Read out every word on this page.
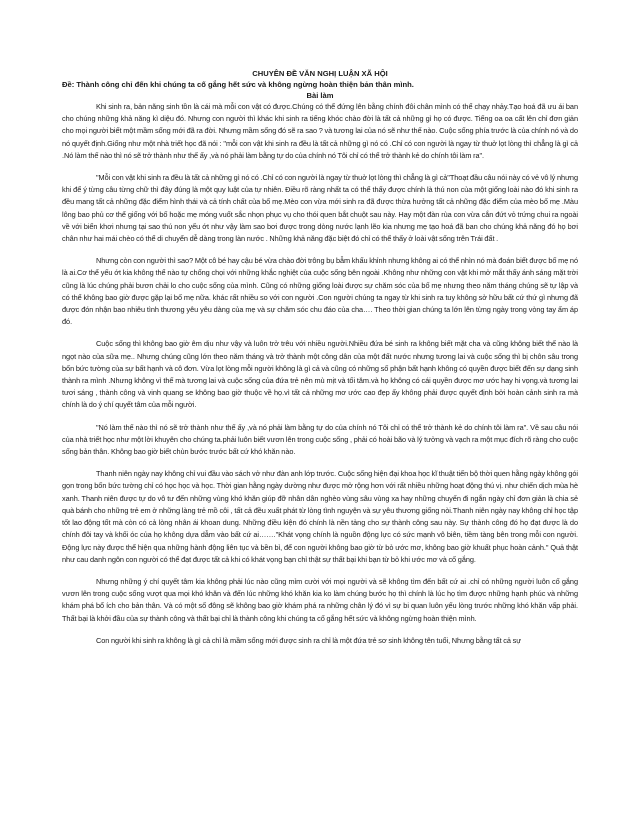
CHUYÊN ĐỀ VĂN NGHỊ LUẬN XÃ HỘI

Đề: Thành công chỉ đến khi chúng ta cố gắng hết sức và không ngừng hoàn thiện bản thân mình.

Bài làm

Khi sinh ra, bản năng sinh tồn là cái mà mỗi con vật có được.Chúng có thể đứng lên bằng chính đôi chân mình có thể chạy nhảy.Tạo hoá đã ưu ái ban cho chúng những khả năng kì diệu đó. Nhưng con người thì khác khi sinh ra tiếng khóc chào đời là tất cả những gì họ có được. Tiếng oa oa cất lên chỉ đơn giản cho mọi người biết một mầm sống mới đã ra đời. Nhưng mầm sống đó sẽ ra sao ? và tương lai của nó sẽ như thế nào. Cuộc sống phía trước là của chính nó và do nó quyết định.Giống như một nhà triết học đã nói : "mỗi con vật khi sinh ra đều là tất cả những gì nó có .Chỉ có con người là ngay từ thuở lọt lòng thì chẳng là gì cả .Nó làm thế nào thì nó sẽ trở thành như thế ấy ,và nó phải làm bằng tự do của chính nó Tôi chỉ có thể trở thành kẻ do chính tôi làm ra".

"Mỗi con vật khi sinh ra đều là tất cả những gì nó có .Chỉ có con người là ngay từ thuở lọt lòng thì chẳng là gì cả"Thoạt đầu câu nói này có vẻ vô lý nhưng khi để ý từng câu từng chữ thì đây đúng là một quy luật của tự nhiên. Điều rõ ràng nhất ta có thể thấy được chính là thú non của một giống loài nào đó khi sinh ra đều mang tất cả những đặc điểm hình thái và cả tính chất của bố mẹ.Mèo con vừa mới sinh ra đã được thừa hưởng tất cả những đặc điểm của mèo bố mẹ .Màu lông bao phủ cơ thể giống với bố hoặc mẹ móng vuốt sắc nhọn phục vụ cho thói quen bắt chuột sau này. Hay một đàn rùa con vừa cắn đứt vỏ trứng chui ra ngoài về với biển khơi nhưng tại sao thú non yếu ớt như vậy làm sao bơi được trong dòng nước lạnh lẽo kia nhưng mẹ tạo hoá đã ban cho chúng khả năng đó họ bơi chân như hai mái chèo có thể di chuyển dễ dàng trong làn nước . Những khả năng đặc biệt đó chỉ có thể thấy ở loài vật sống trên Trái đất .

Nhưng còn con người thì sao? Một cô bé hay cậu bé vừa chào đời trông bụ bẫm khấu khỉnh nhưng không ai có thể nhìn nó mà đoán biết được bố mẹ nó là ai.Cơ thể yếu ớt kia không thể nào tự chống chọi với những khắc nghiệt của cuộc sống bên ngoài .Không như những con vật khi mở mắt thấy ánh sáng mặt trời cũng là lúc chúng phải bươn chải lo cho cuộc sống của mình. Cũng có những giống loài được sự chăm sóc của bố mẹ nhưng theo năm tháng chúng sẽ tự lập và có thể không bao giờ được gặp lại bố mẹ nữa. khác rất nhiều so với con người .Con người chúng ta ngay từ khi sinh ra tuy không sở hữu bất cứ thứ gì nhưng đã được đón nhận bao nhiêu tình thương yêu yêu dàng của mẹ và sự chăm sóc chu đáo của cha…. Theo thời gian chúng ta lớn lên từng ngày trong vòng tay ấm áp đó.

Cuộc sống thì không bao giờ êm dịu như vậy và luôn trở trêu với nhiều người.Nhiều đứa bé sinh ra không biết mặt cha và cũng không biết thế nào là ngọt nào của sữa mẹ.. Nhưng chúng cũng lớn theo năm tháng và trở thành một công dân của một đất nước nhưng tương lai và cuộc sống thì bị chôn sâu trong bốn bức tường của sự bất hạnh và cô đơn. Vừa lọt lòng mỗi người không là gì cả và cũng có những số phận bất hạnh không có quyền được biết đến sự dạng sinh thành ra mình .Nhưng không vì thế mà tương lai và cuộc sống của đứa trẻ nên mù mịt và tối tăm.và họ không có cái quyền được mơ ước hay hi vọng.và tương lai tươi sáng , thành công và vinh quang se không bao giờ thuộc về họ.vì tất cả những mơ ước cao đẹp ấy không phải được quyết định bởi hoàn cảnh sinh ra mà chính là do ý chí quyết tâm của mỗi người.

"Nó làm thế nào thì nó sẽ trở thành như thế ấy ,và nó phải làm bằng tự do của chính nó Tôi chỉ có thể trở thành kẻ do chính tôi làm ra". Về sau câu nói của nhà triết học như một lời khuyên cho chúng ta.phải luôn biết vươn lên trong cuộc sống , phải có hoài bão và lý tưởng và vạch ra một mục đích rõ ràng cho cuộc sống bản thân. Không bao giờ biết chùn bước trước bất cứ khó khăn nào.

Thanh niên ngày nay không chỉ vui đầu vào sách vở như đàn anh lớp trước. Cuộc sống hiện đại khoa học kĩ thuật tiến bộ thời quen hằng ngày không gói gọn trong bốn bức tường chỉ có học học và học. Thời gian hằng ngày dường như được mở rộng hơn với rất nhiều những hoạt động thú vị. như chiến dịch mùa hè xanh. Thanh niên được tự do vô tư đến những vùng khó khăn giúp đỡ nhân dân nghèo vùng sâu vùng xa hay những chuyến đi ngắn ngày chỉ đơn giản là chia sẻ quà bánh cho những trẻ em ở những làng trẻ mồ côi , tất cả đều xuất phát từ lòng tình nguyện và sự yêu thương giống nòi.Thanh niên ngày nay không chỉ học tập tốt lao động tốt mà còn có cả lòng nhân ái khoan dung. Những điều kiện đó chính là nền tảng cho sự thành công sau này. Sự thành công đó họ đạt được là do chính đôi tay và khối óc của họ không dựa dẫm vào bất cứ ai……."Khát vọng chính là nguồn động lực có sức mạnh vô biên, tiềm tàng bên trong mỗi con người. Động lực này được thể hiện qua những hành động liên tục và bền bỉ, để con người không bao giờ từ bỏ ước mơ, không bao giờ khuất phục hoàn cảnh." Quả thật như cau danh ngôn con người có thể đạt được tất cả khi có khát vọng bạn chỉ thật sự thất bại khi bạn từ bỏ khi ước mơ và cố gắng.

Nhưng những ý chí quyết tâm kia không phải lúc nào cũng mỉm cười với mọi người và sẽ không tìm đến bất cứ ai .chỉ có những người luôn cố gắng vươn lên trong cuộc sống vượt qua mọi khó khăn và đến lúc những khó khăn kia ko làm chúng bước họ thì chính là lúc họ tìm được những hạnh phúc và những khám phá bổ ích cho bản thân. Và có một số đông sẽ không bao giờ khám phá ra những chân lý đó vì sự bi quan luôn yếu lòng trước những khó khăn vấp phải. Thất bại là khởi đầu của sự thành công và thất bại chỉ là thành công khi chúng ta cố gắng hết sức và không ngừng hoàn thiện mình.

Con người khi sinh ra không là gì cả chỉ là mầm sống mới được sinh ra chỉ là một đứa trẻ sơ sinh không tên tuổi, Nhưng bằng tất cả sự
